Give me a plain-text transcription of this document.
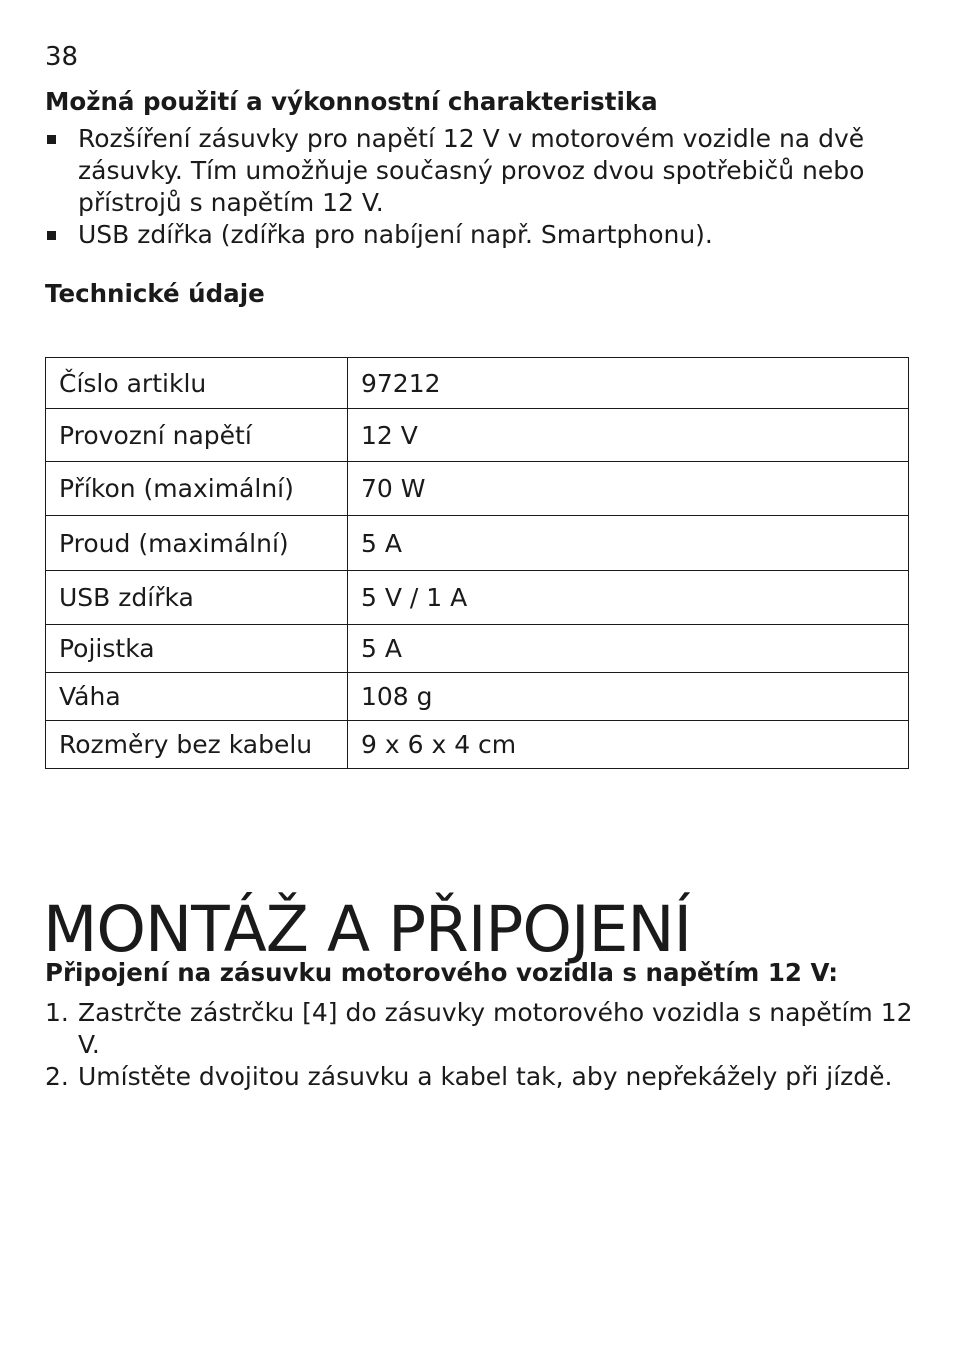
38
Možná použití a výkonnostní charakteristika
Rozšíření zásuvky pro napětí 12 V v motorovém vozidle na dvě zásuvky. Tím umožňuje současný provoz dvou spotřebičů nebo přístrojů s napětím 12 V.
USB zdířka (zdířka pro nabíjení např. Smartphonu).
Technické údaje
Číslo artiklu	97212
Provozní napětí	12 V
Příkon (maximální)	70 W
Proud (maximální)	5 A
USB zdířka	5 V / 1 A
Pojistka	5 A
Váha	108 g
Rozměry bez kabelu	9 x 6 x 4 cm
MONTÁŽ A PŘIPOJENÍ
Připojení na zásuvku motorového vozidla s napětím 12 V:
1. Zastrčte zástrčku [4] do zásuvky motorového vozidla s napětím 12 V.
2. Umístěte dvojitou zásuvku a kabel tak, aby nepřekážely při jízdě.
